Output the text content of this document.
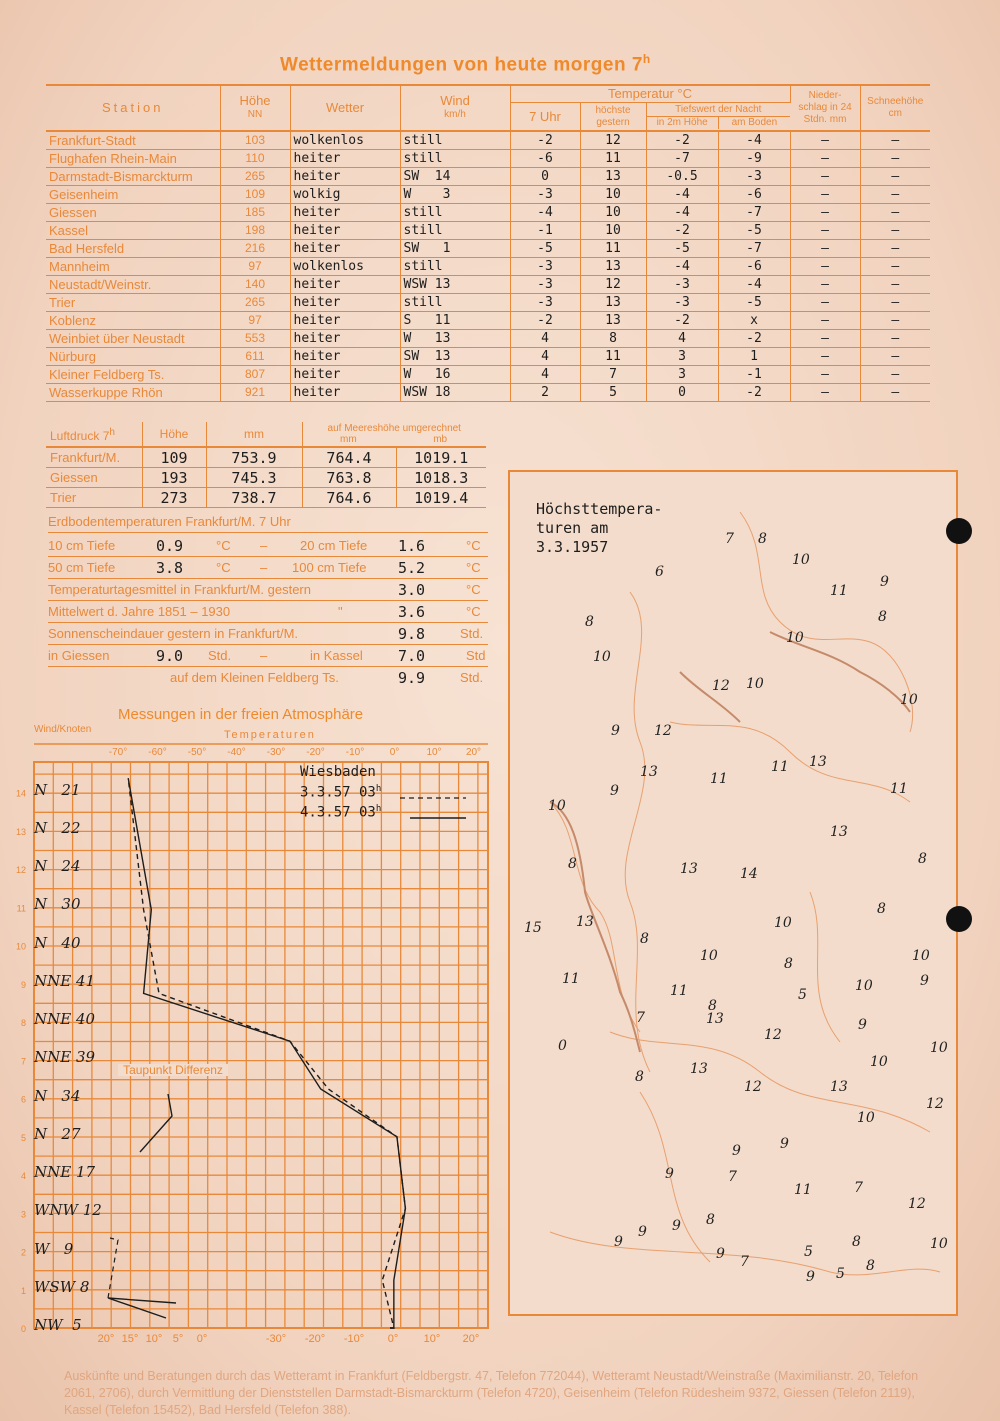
Wettermeldungen von heute morgen 7$^h$
Station	Höhe
NN	Wetter	Wind
km/h	Temperatur °C				Nieder- schlag in 24 Stdn. mm	Schneehöhe cm
				7 Uhr	höchste gestern	Tiefswert der Nacht
in 2m Höhe am Boden			

Frankfurt-Stadt	103	wolkenlos	still	-2	12	-2	-4	–	–
Flughafen Rhein-Main	110	heiter	still	-6	11	-7	-9	–	–
Darmstadt-Bismarckturm	265	heiter	SW  14	0	13	-0.5	-3	–	–
Geisenheim	109	wolkig	W    3	-3	10	-4	-6	–	–
Giessen	185	heiter	still	-4	10	-4	-7	–	–
Kassel	198	heiter	still	-1	10	-2	-5	–	–
Bad Hersfeld	216	heiter	SW   1	-5	11	-5	-7	–	–
Mannheim	97	wolkenlos	still	-3	13	-4	-6	–	–
Neustadt/Weinstr.	140	heiter	WSW 13	-3	12	-3	-4	–	–
Trier	265	heiter	still	-3	13	-3	-5	–	–
Koblenz	97	heiter	S   11	-2	13	-2	x	–	–
Weinbiet über Neustadt	553	heiter	W   13	4	8	4	-2	–	–
Nürburg	611	heiter	SW  13	4	11	3	1	–	–
Kleiner Feldberg Ts.	807	heiter	W   16	4	7	3	-1	–	–
Wasserkuppe Rhön	921	heiter	WSW 18	2	5	0	-2	–	–
Luftdruck 7$^h$	Höhe	mm	auf Meereshöhe umgerechnet
mm mb	

Frankfurt/M.	109	753.9	764.4	1019.1
Giessen	193	745.3	763.8	1018.3
Trier	273	738.7	764.6	1019.4
Erdbodentemperaturen Frankfurt/M. 7 Uhr
10 cm Tiefe	0.9	°C –	20 cm Tiefe 1.6	°C
50 cm Tiefe	3.8	°C – 100 cm Tiefe 5.2	°C
Temperaturtagesmittel in Frankfurt/M. gestern	3.0	°C
Mittelwert d. Jahre 1851 – 1930	"	3.6	°C
Sonnenscheindauer gestern in Frankfurt/M.	9.8	Std.
in Giessen	9.0 Std. –	in Kassel 7.0	Std
auf dem Kleinen Feldberg Ts.	9.9	Std.
Messungen in der freien Atmosphäre
Wind/Knoten	Temperaturen
-70° -60° -50° -40° -30° -20° -10°	0°	10° 20°
20° 15° 10° 5° 0°	-30° -20° -10° 0° 10° 20°
0
1
2
3
4
5
6
7
8
9
10
11
12
13
14 N   21
N   22
N   24
N   30
N   40
NNE 41
NNE 40
NNE 39
N   34
N   27
NNE 17
WNW 12
W   9
WSW 8
NW  5
Wiesbaden
3.3.57 03$^h$
4.3.57 03$^h$
Taupunkt Differenz
Höchsttempera-
turen am
3.3.1957	7 8
10
6
11
9
8	8
10
10
10
12
10
9 12
11
13	11
13
11
10
9
13
8	13
8
14
8
10
8
10
15 13
8
11
10
11	10
5
9
9
8
7
12
13
10
10
13
8
12	13
10
12
9	9
9	7
11	7
12
8
9
8	10
7
5
9
9 5 8
9
9
0
Auskünfte und Beratungen durch das Wetteramt in Frankfurt (Feldbergstr. 47, Telefon 772044), Wetteramt Neustadt/Weinstraße (Maximilianstr. 20, Telefon 2061, 2706), durch Vermittlung der Dienststellen Darmstadt-Bismarckturm (Telefon 4720), Geisenheim (Telefon Rüdesheim 9372, Giessen (Telefon 2119), Kassel (Telefon 15452), Bad Hersfeld (Telefon 388).
